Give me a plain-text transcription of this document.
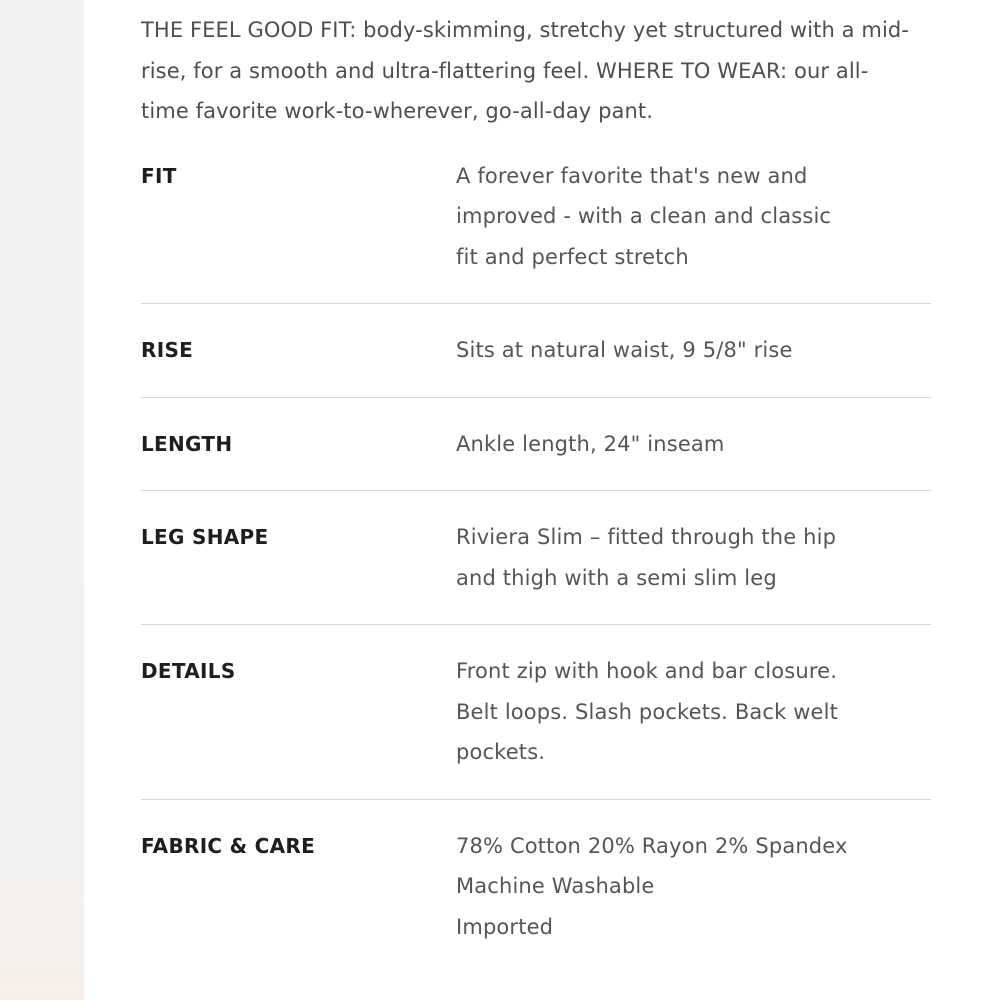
THE FEEL GOOD FIT: body-skimming, stretchy yet structured with a mid-rise, for a smooth and ultra-flattering feel. WHERE TO WEAR: our all-time favorite work-to-wherever, go-all-day pant.

FIT	A forever favorite that's new and
improved - with a clean and classic
fit and perfect stretch
RISE	Sits at natural waist, 9 5/8" rise
LENGTH	Ankle length, 24" inseam
LEG SHAPE	Riviera Slim – fitted through the hip
and thigh with a semi slim leg
DETAILS	Front zip with hook and bar closure.
Belt loops. Slash pockets. Back welt
pockets.
FABRIC & CARE	78% Cotton 20% Rayon 2% Spandex
Machine Washable
Imported
